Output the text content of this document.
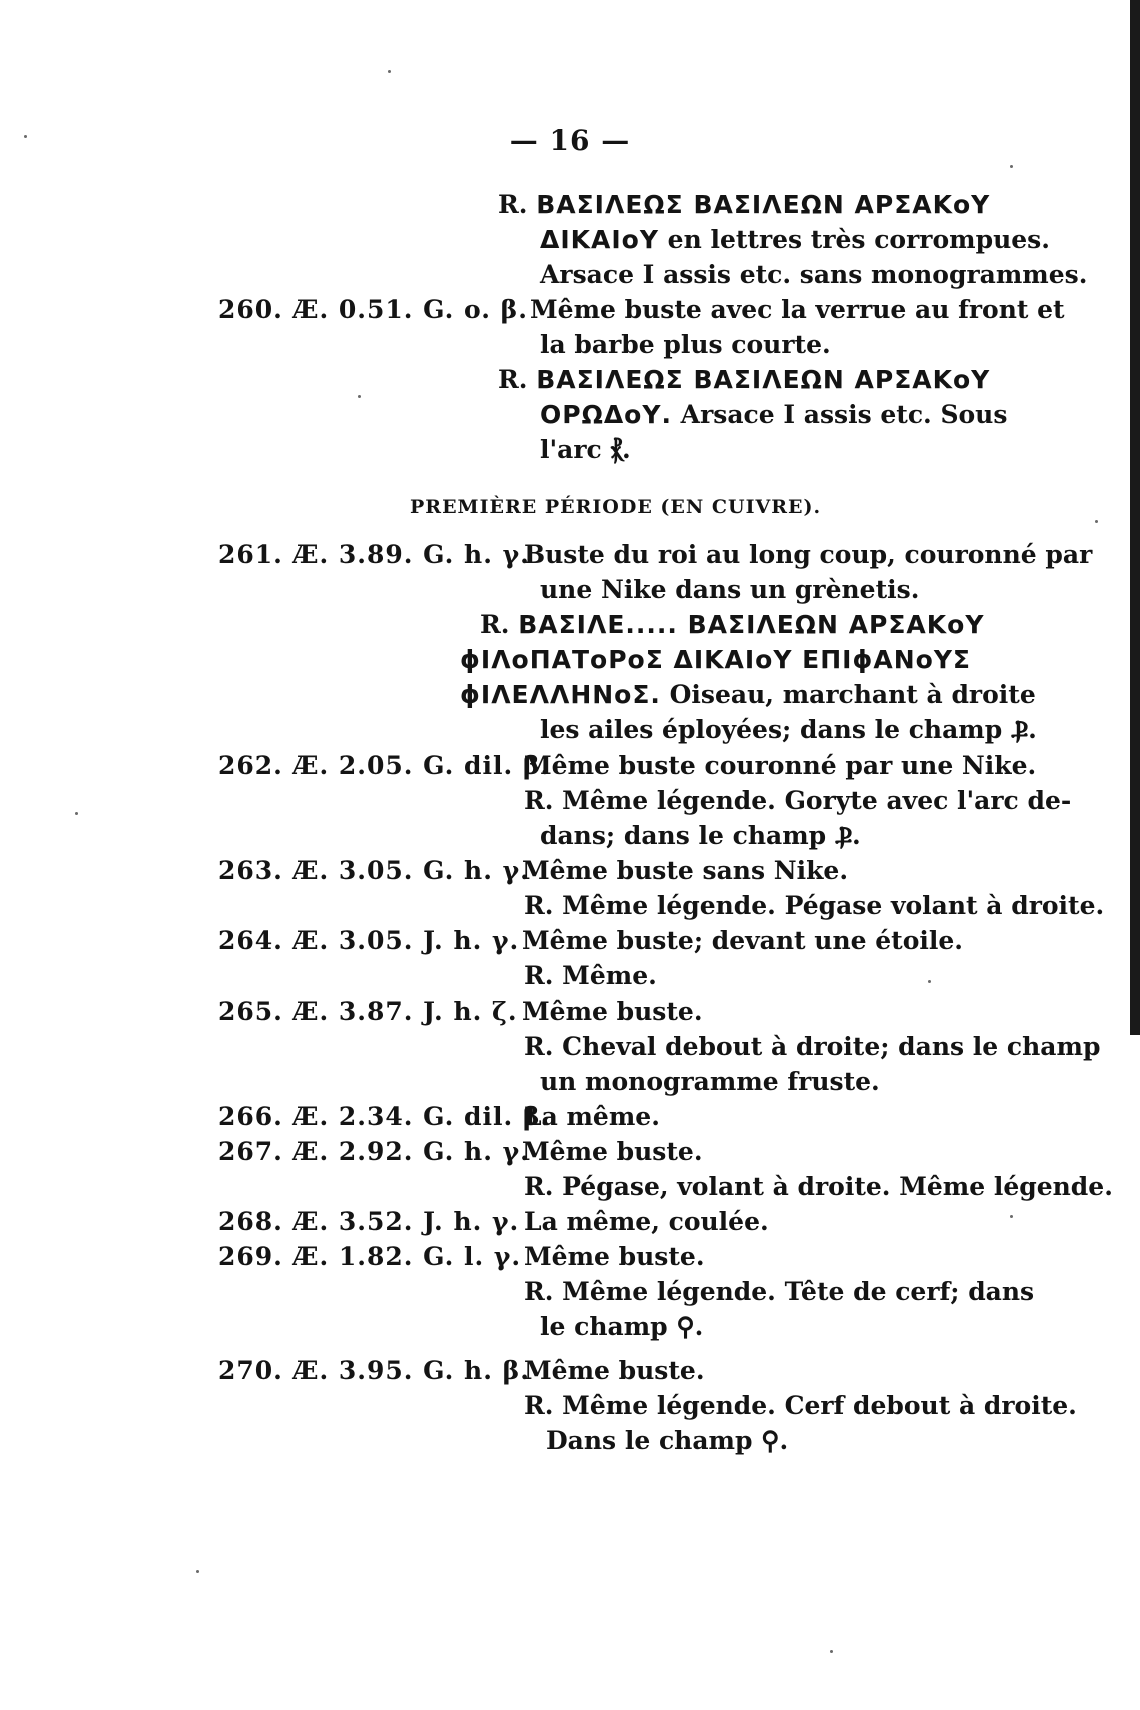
— 16 —
R. ΒΑΣΙΛΕΩΣ ΒΑΣΙΛΕΩΝ ΑΡΣΑΚοΥ
ΔΙΚΑΙοΥ en lettres très corrompues.
Arsace I assis etc. sans monogrammes.
260. Æ. 0.51. G. o. β. Même buste avec la verrue au front et
la barbe plus courte.
R. ΒΑΣΙΛΕΩΣ ΒΑΣΙΛΕΩΝ ΑΡΣΑΚοΥ
ΟΡΩΔοΥ. Arsace I assis etc. Sous
l'arc ⳩.
PREMIÈRE PÉRIODE (EN CUIVRE).
261. Æ. 3.89. G. h. γ.
Buste du roi au long coup, couronné par
une Nike dans un grènetis.
R. ΒΑΣΙΛΕ..... ΒΑΣΙΛΕΩΝ ΑΡΣΑΚοΥ
ϕΙΛοΠΑΤοΡοΣ ΔΙΚΑΙοΥ ΕΠΙϕΑΝοΥΣ
ϕΙΛΕΛΛΗΝοΣ. Oiseau, marchant à droite
les ailes éployées; dans le champ Ⳁ.
262. Æ. 2.05. G. dil. β.
Même buste couronné par une Nike.
R. Même légende. Goryte avec l'arc de-
dans; dans le champ Ⳁ.
263. Æ. 3.05. G. h. γ.
Même buste sans Nike.
R. Même légende. Pégase volant à droite.
264. Æ. 3.05. J. h. γ. Même buste; devant une étoile.
R. Même.
265. Æ. 3.87. J. h. ζ. Même buste.
R. Cheval debout à droite; dans le champ
un monogramme fruste.
266. Æ. 2.34. G. dil. β.
La même.
267. Æ. 2.92. G. h. γ.
Même buste.
R. Pégase, volant à droite. Même légende.
268. Æ. 3.52. J. h. γ. La même, coulée.
269. Æ. 1.82. G. l. γ. Même buste.
R. Même légende. Tête de cerf; dans
le champ ⚲.
270. Æ. 3.95. G. h. β.
Même buste.
R. Même légende. Cerf debout à droite.
Dans le champ ⚲.
